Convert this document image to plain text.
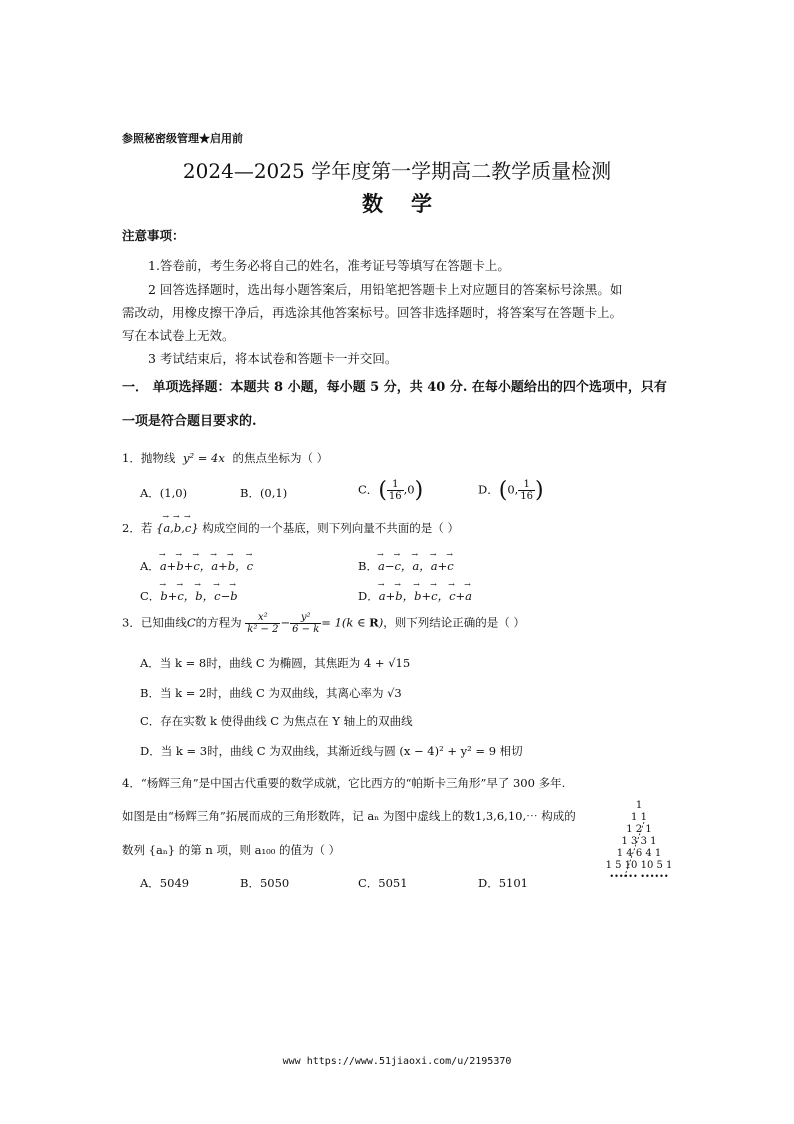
参照秘密级管理★启用前
2024—2025 学年度第一学期高二教学质量检测
数学
注意事项：
1.答卷前，考生务必将自己的姓名，准考证号等填写在答题卡上。
2 回答选择题时，选出每小题答案后，用铅笔把答题卡上对应题目的答案标号涂黑。如
需改动，用橡皮擦干净后，再选涂其他答案标号。回答非选择题时，将答案写在答题卡上。
写在本试卷上无效。
3 考试结束后，将本试卷和答题卡一并交回。
一． 单项选择题：本题共 8 小题，每小题 5 分，共 40 分. 在每小题给出的四个选项中，只有
一项是符合题目要求的.
1．抛物线 y² = 4x 的焦点坐标为（ ）
A．(1,0)	B．(0,1)	C．( $\frac{1}{16} ,0$)	D．(0, $\frac{1}{16}$ )
2．若 {→ a,→ b,→ c} 构成空间的一个基底，则下列向量不共面的是（ ）
A．→ a+→ b+→ c，→ a+→ b，→ c	B．→ a−→ c，→ a，→ a+→ c
C．→ b+→ c，→ b，→ c−→ b	D．→ a+→ b，→ b+→ c，→ c+→ a
3．已知曲线C的方程为 $\frac{\text{x²}}{\text{k² − 2}} - \frac{\text{y²}}{6 - k} = 1(k$ ∈ R)，则下列结论正确的是（ ）
A．当 k = 8时，曲线 C 为椭圆，其焦距为 4 + √15
B．当 k = 2时，曲线 C 为双曲线，其离心率为 √3
C．存在实数 k 使得曲线 C 为焦点在 Y 轴上的双曲线
D．当 k = 3时，曲线 C 为双曲线，其渐近线与圆 (x − 4)² + y² = 9 相切
4．“杨辉三角”是中国古代重要的数学成就，它比西方的“帕斯卡三角形”早了 300 多年.
如图是由“杨辉三角”拓展而成的三角形数阵，记 aₙ 为图中虚线上的数1,3,6,10,⋯ 构成的
数列 {aₙ} 的第 n 项，则 a₁₀₀ 的值为（ ）
A．5049	B．5050	C．5051	D．5101
1
1 1
1 2 1
1 3 3 1
1 4 6 4 1
1 5 10 10 5 1
•••••• ••••••
www https://www.51jiaoxi.com/u/2195370
